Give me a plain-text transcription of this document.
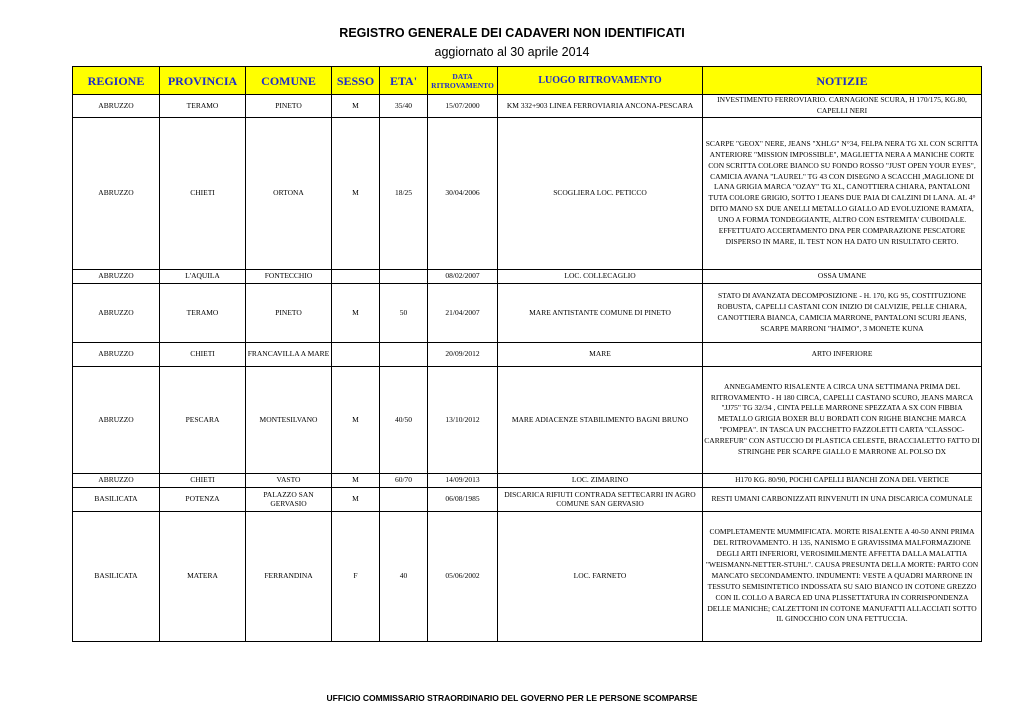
REGISTRO GENERALE DEI CADAVERI NON IDENTIFICATI
aggiornato al 30 aprile 2014
REGIONE	PROVINCIA	COMUNE	SESSO	ETA'	DATA RITROVAMENTO	LUOGO RITROVAMENTO	NOTIZIE
ABRUZZO	TERAMO	PINETO	M	35/40	15/07/2000	KM 332+903 LINEA FERROVIARIA ANCONA-PESCARA	INVESTIMENTO FERROVIARIO. CARNAGIONE SCURA, H 170/175, KG.80, CAPELLI NERI
ABRUZZO	CHIETI	ORTONA	M	18/25	30/04/2006	SCOGLIERA LOC. PETICCO	SCARPE "GEOX" NERE, JEANS "XHLG" N°34, FELPA NERA TG XL CON SCRITTA ANTERIORE "MISSION IMPOSSIBLE", MAGLIETTA NERA A MANICHE CORTE CON SCRITTA COLORE BIANCO SU FONDO ROSSO "JUST OPEN YOUR EYES", CAMICIA AVANA "LAUREL" TG 43 CON DISEGNO A SCACCHI ,MAGLIONE DI LANA GRIGIA MARCA "OZAY" TG XL, CANOTTIERA CHIARA, PANTALONI TUTA COLORE GRIGIO, SOTTO I JEANS DUE PAIA DI CALZINI DI LANA. AL 4° DITO MANO SX DUE ANELLI METALLO GIALLO AD EVOLUZIONE RAMATA, UNO A FORMA TONDEGGIANTE, ALTRO CON ESTREMITA' CUBOIDALE. EFFETTUATO ACCERTAMENTO DNA PER COMPARAZIONE PESCATORE DISPERSO IN MARE, IL TEST NON HA DATO UN RISULTATO CERTO.
ABRUZZO	L'AQUILA	FONTECCHIO			08/02/2007	LOC. COLLECAGLIO	OSSA UMANE
ABRUZZO	TERAMO	PINETO	M	50	21/04/2007	MARE ANTISTANTE COMUNE DI PINETO	STATO DI AVANZATA DECOMPOSIZIONE - H. 170, KG 95, COSTITUZIONE ROBUSTA, CAPELLI CASTANI CON INIZIO DI CALVIZIE, PELLE CHIARA, CANOTTIERA BIANCA, CAMICIA MARRONE, PANTALONI SCURI JEANS, SCARPE MARRONI "HAIMO", 3 MONETE KUNA
ABRUZZO	CHIETI	FRANCAVILLA A MARE			20/09/2012	MARE	ARTO INFERIORE
ABRUZZO	PESCARA	MONTESILVANO	M	40/50	13/10/2012	MARE ADIACENZE STABILIMENTO BAGNI BRUNO	ANNEGAMENTO RISALENTE A CIRCA UNA SETTIMANA PRIMA DEL RITROVAMENTO - H 180 CIRCA, CAPELLI CASTANO SCURO, JEANS MARCA "JJ75" TG 32/34 , CINTA PELLE MARRONE SPEZZATA A SX CON FIBBIA METALLO GRIGIA BOXER BLU BORDATI CON RIGHE BIANCHE MARCA "POMPEA". IN TASCA UN PACCHETTO FAZZOLETTI CARTA "CLASSOC-CARREFUR" CON ASTUCCIO DI PLASTICA CELESTE, BRACCIALETTO FATTO DI STRINGHE PER SCARPE GIALLO E MARRONE AL POLSO DX
ABRUZZO	CHIETI	VASTO	M	60/70	14/09/2013	LOC. ZIMARINO	H170 KG. 80/90, POCHI CAPELLI BIANCHI ZONA DEL VERTICE
BASILICATA	POTENZA	PALAZZO SAN GERVASIO	M		06/08/1985	DISCARICA RIFIUTI CONTRADA SETTECARRI IN AGRO COMUNE SAN GERVASIO	RESTI UMANI CARBONIZZATI RINVENUTI IN UNA DISCARICA COMUNALE
BASILICATA	MATERA	FERRANDINA	F	40	05/06/2002	LOC. FARNETO	COMPLETAMENTE MUMMIFICATA. MORTE RISALENTE A 40-50 ANNI PRIMA DEL RITROVAMENTO. H 135, NANISMO E GRAVISSIMA MALFORMAZIONE DEGLI ARTI INFERIORI, VEROSIMILMENTE AFFETTA DALLA MALATTIA "WEISMANN-NETTER-STUHL". CAUSA PRESUNTA DELLA MORTE: PARTO CON MANCATO SECONDAMENTO. INDUMENTI: VESTE A QUADRI MARRONE IN TESSUTO SEMISINTETICO INDOSSATA SU SAIO BIANCO IN COTONE GREZZO CON IL COLLO A BARCA ED UNA PLISSETTATURA IN CORRISPONDENZA DELLE MANICHE; CALZETTONI IN COTONE MANUFATTI ALLACCIATI SOTTO IL GINOCCHIO CON UNA FETTUCCIA.
UFFICIO COMMISSARIO STRAORDINARIO DEL GOVERNO PER LE PERSONE SCOMPARSE
